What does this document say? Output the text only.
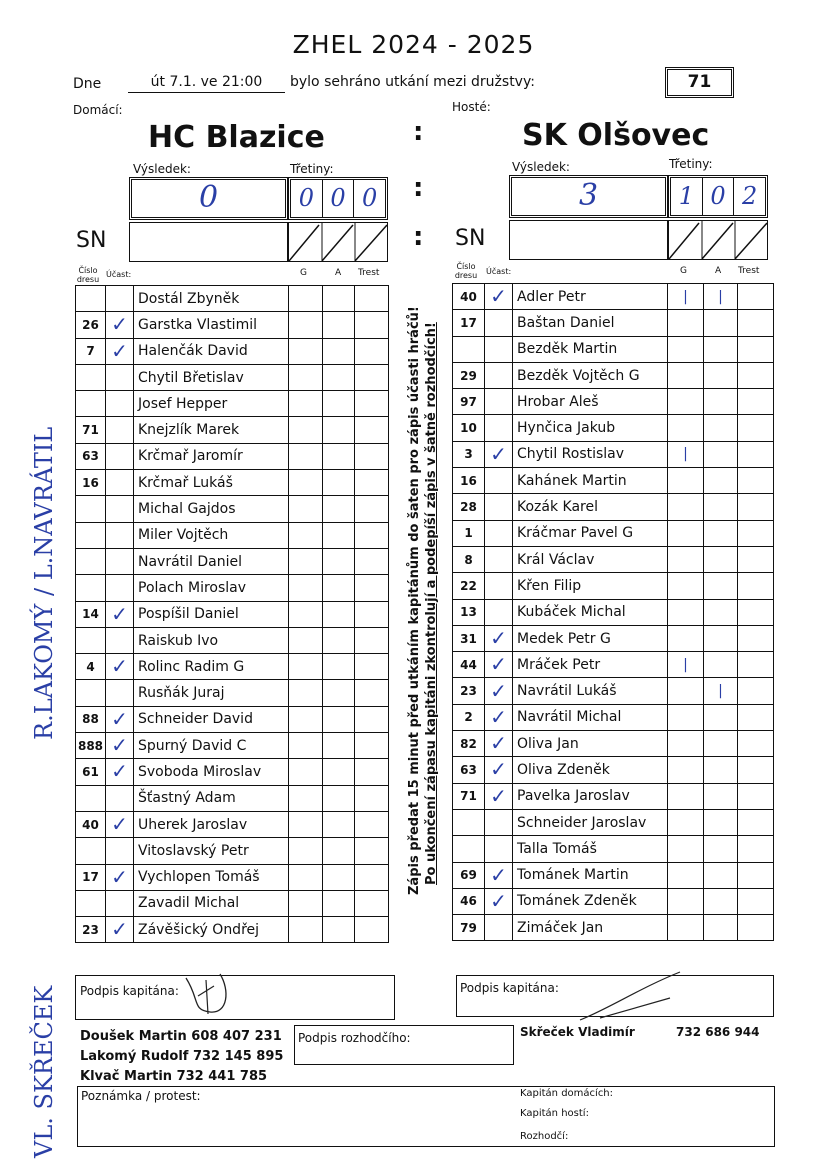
ZHEL 2024 - 2025
Dne	út 7.1. ve 21:00	bylo sehráno utkání mezi družstvy:	71
Domácí:	Hosté:
HC Blazice	SK Olšovec
:
:
:
Výsledek:	Třetiny:
0	0 0 0
SN
Výsledek:	Třetiny:
3	1 0 2
SN
Číslo dresu
Účast:	G	A Trest
Číslo dresu Účast:	G	A Trest
		Dostál Zbyněk			
26	✓	Garstka Vlastimil			
7	✓	Halenčák David			
		Chytil Břetislav			
		Josef Hepper			
71		Knejzlík Marek			
63		Krčmař Jaromír			
16		Krčmař Lukáš			
		Michal Gajdos			
		Miler Vojtěch			
		Navrátil Daniel			
		Polach Miroslav			
14	✓	Pospíšil Daniel			
		Raiskub Ivo			
4	✓	Rolinc Radim G			
		Rusňák Juraj			
88	✓	Schneider David			
888	✓	Spurný David C			
61	✓	Svoboda Miroslav			
		Šťastný Adam			
40	✓	Uherek Jaroslav			
		Vitoslavský Petr			
17	✓	Vychlopen Tomáš			
		Zavadil Michal			
23	✓	Závěšický Ondřej			
40	✓	Adler Petr	|	|	
17		Baštan Daniel			
		Bezděk Martin			
29		Bezděk Vojtěch G			
97		Hrobar Aleš			
10		Hynčica Jakub			
3	✓	Chytil Rostislav	|		
16		Kahánek Martin			
28		Kozák Karel			
1		Kráčmar Pavel G			
8		Král Václav			
22		Křen Filip			
13		Kubáček Michal			
31	✓	Medek Petr G			
44	✓	Mráček Petr	|		
23	✓	Navrátil Lukáš		|	
2	✓	Navrátil Michal			
82	✓	Oliva Jan			
63	✓	Oliva Zdeněk			
71	✓	Pavelka Jaroslav			
		Schneider Jaroslav			
		Talla Tomáš			
69	✓	Tománek Martin			
46	✓	Tománek Zdeněk			
79		Zimáček Jan			
Zápis předat 15 minut před utkáním kapitánům do šaten pro zápis účasti hráčů! Po ukončení zápasu kapitáni zkontrolují a podepíší zápis v šatně rozhodčích!
Podpis kapitána:	Podpis kapitána:
Doušek Martin 608 407 231
Lakomý Rudolf 732 145 895
Klvač Martin 732 441 785
Podpis rozhodčího:	Skřeček Vladimír	732 686 944
Poznámka / protest:	Kapitán domácích:
Kapitán hostí:
Rozhodčí:
R.LAKOMÝ / L.NAVRÁTIL
VL. SKŘEČEK
